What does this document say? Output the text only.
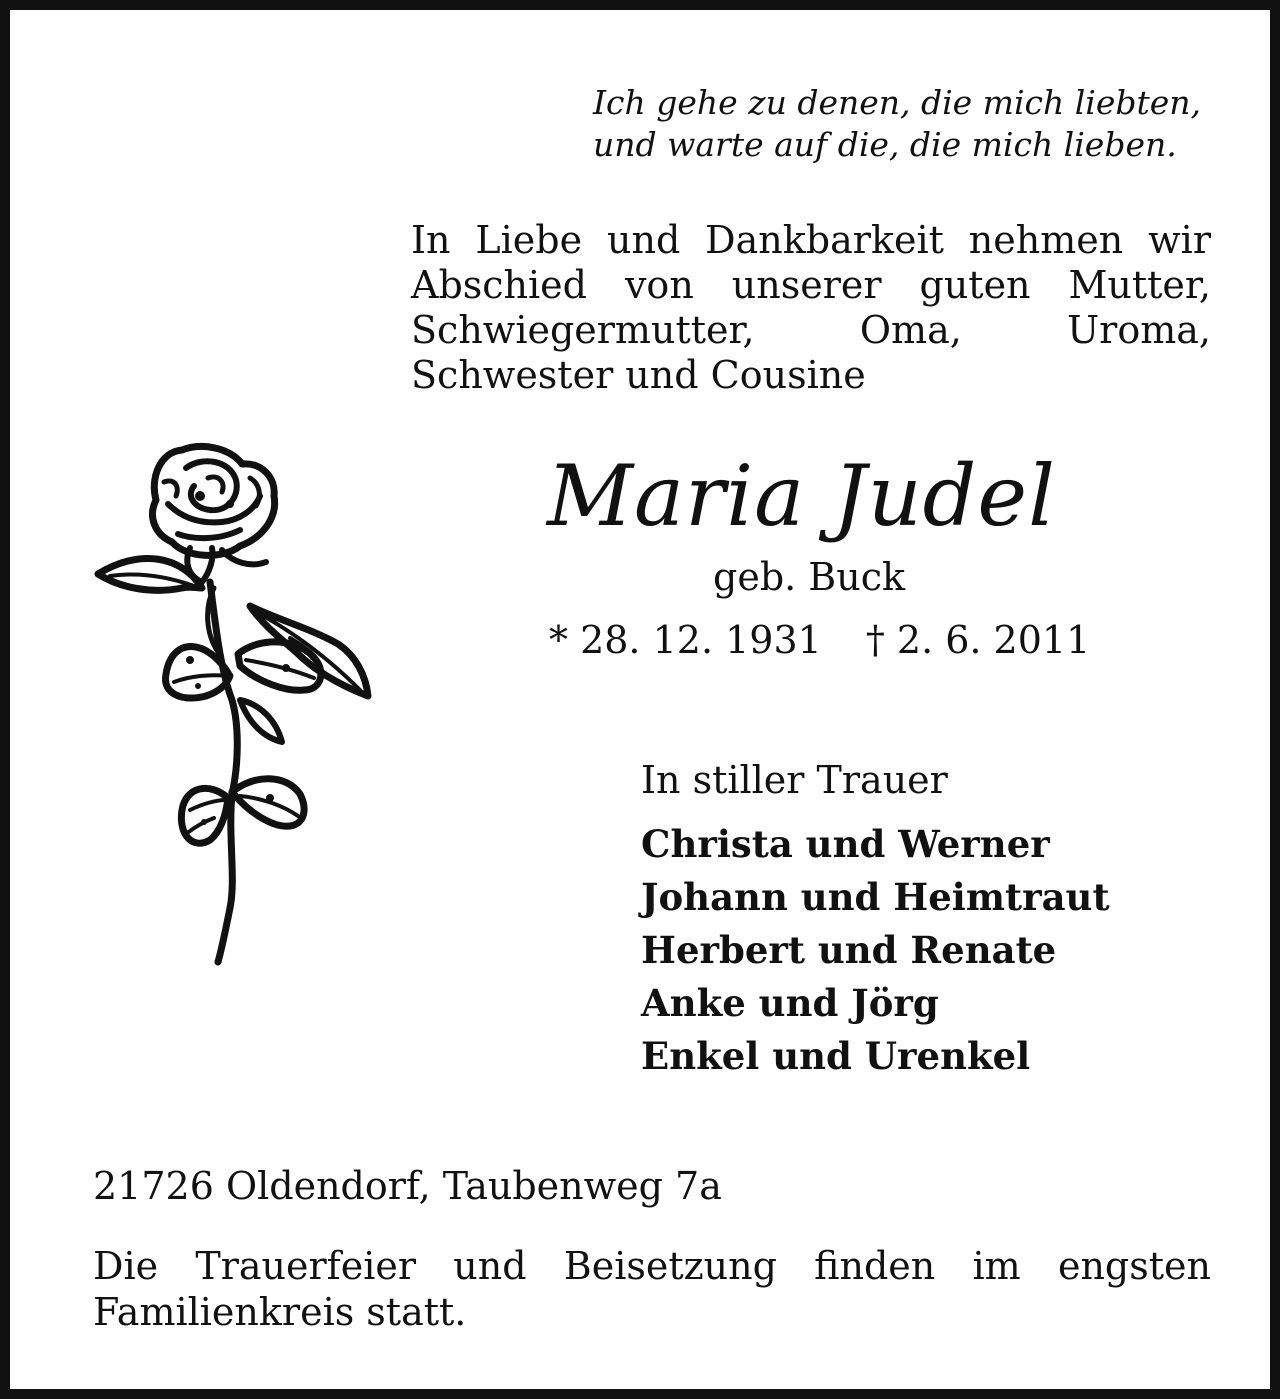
Ich gehe zu denen, die mich liebten,
und warte auf die, die mich lieben.
In Liebe und Dankbarkeit nehmen wir
Abschied von unserer guten Mutter,
Schwiegermutter, Oma, Uroma,
Schwester und Cousine
Maria Judel
geb. Buck
* 28. 12. 1931 † 2. 6. 2011
In stiller Trauer
Christa und Werner
Johann und Heimtraut
Herbert und Renate
Anke und Jörg
Enkel und Urenkel
21726 Oldendorf, Taubenweg 7a
Die Trauerfeier und Beisetzung finden im engsten
Familienkreis statt.
